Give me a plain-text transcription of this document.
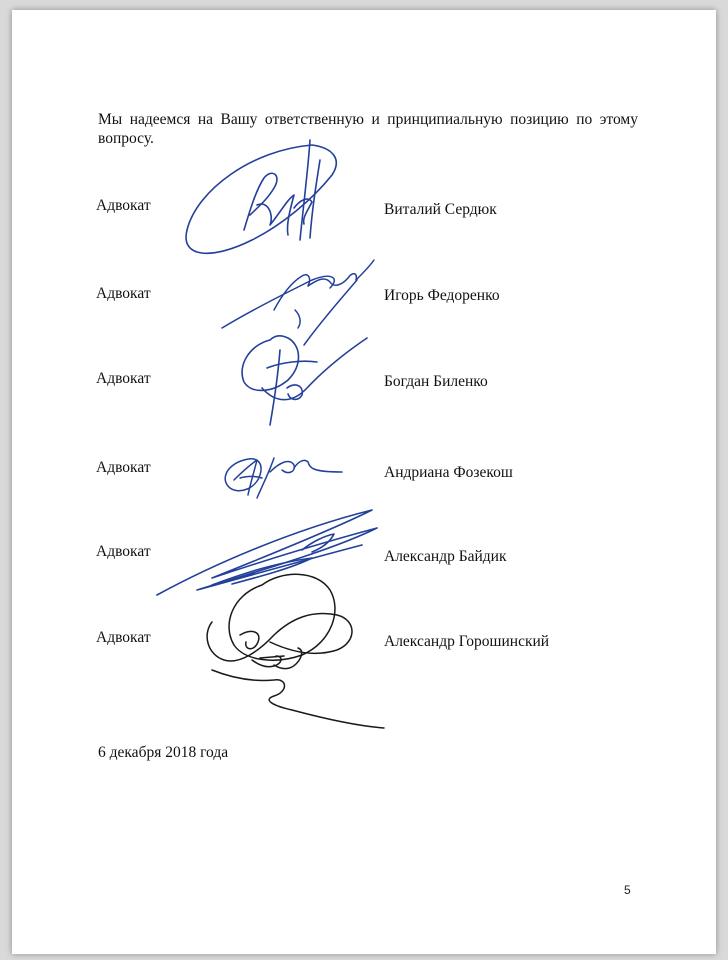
Мы надеемся на Вашу ответственную и принципиальную позицию по этому вопросу.
Адвокат	Виталий Сердюк
Адвокат	Игорь Федоренко
Адвокат	Богдан Биленко
Адвокат	Андриана Фозекош
Адвокат	Александр Байдик
Адвокат	Александр Горошинский
6 декабря 2018 года
5
